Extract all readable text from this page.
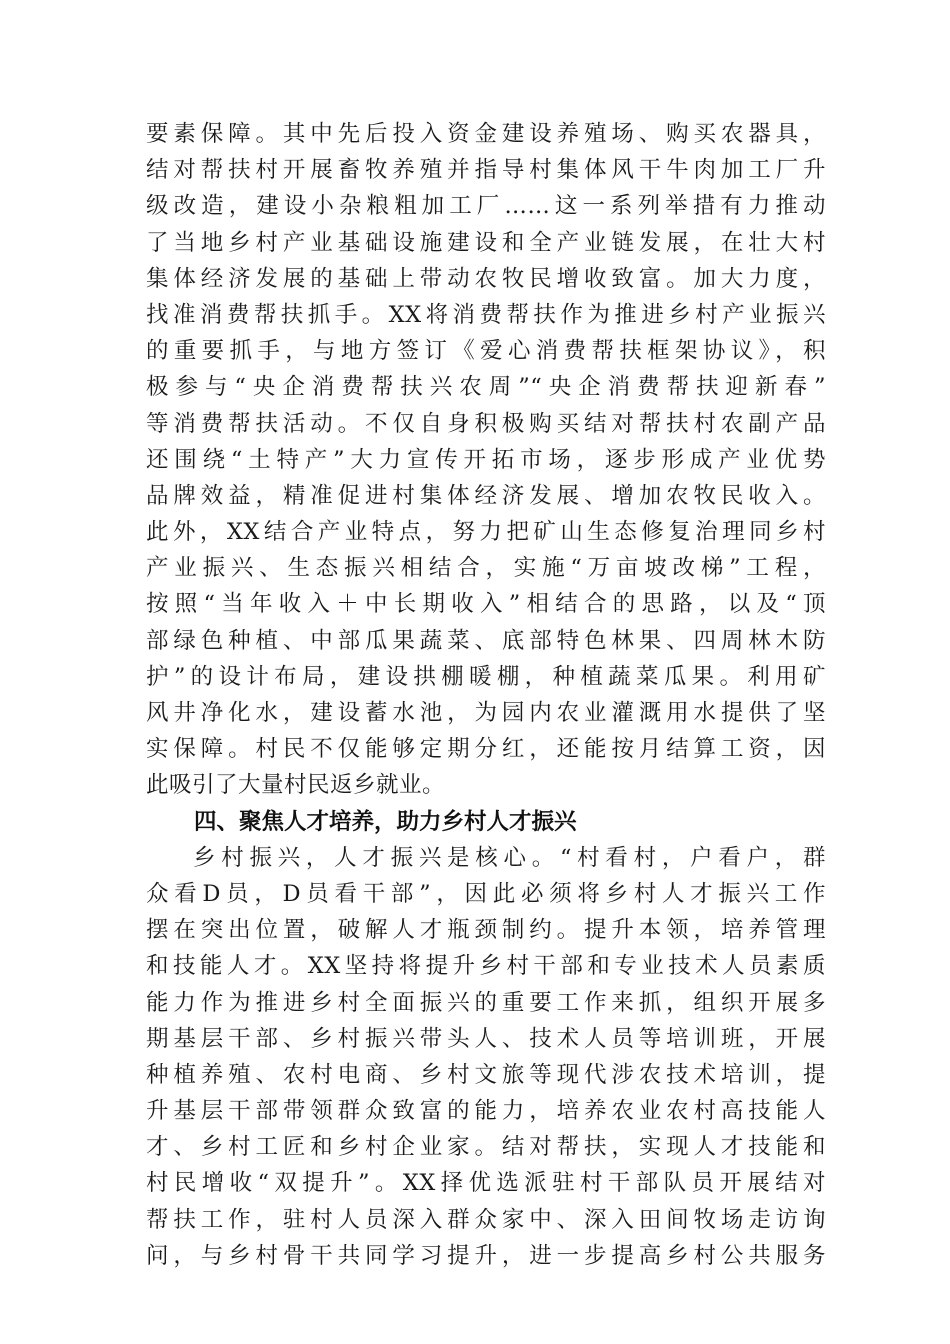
要素保障。其中先后投入资金建设养殖场、购买农器具，
结对帮扶村开展畜牧养殖并指导村集体风干牛肉加工厂升
级改造，建设小杂粮粗加工厂……这一系列举措有力推动
了当地乡村产业基础设施建设和全产业链发展，在壮大村
集体经济发展的基础上带动农牧民增收致富。加大力度，
找准消费帮扶抓手。XX将消费帮扶作为推进乡村产业振兴
的重要抓手，与地方签订《爱心消费帮扶框架协议》，积
极参与“央企消费帮扶兴农周”“央企消费帮扶迎新春”
等消费帮扶活动。不仅自身积极购买结对帮扶村农副产品
还围绕“土特产”大力宣传开拓市场，逐步形成产业优势
品牌效益，精准促进村集体经济发展、增加农牧民收入。
此外，XX结合产业特点，努力把矿山生态修复治理同乡村
产业振兴、生态振兴相结合，实施“万亩坡改梯”工程，
按照“当年收入＋中长期收入”相结合的思路，以及“顶
部绿色种植、中部瓜果蔬菜、底部特色林果、四周林木防
护”的设计布局，建设拱棚暖棚，种植蔬菜瓜果。利用矿
风井净化水，建设蓄水池，为园内农业灌溉用水提供了坚
实保障。村民不仅能够定期分红，还能按月结算工资，因
此吸引了大量村民返乡就业。
四、聚焦人才培养，助力乡村人才振兴
乡村振兴，人才振兴是核心。“村看村，户看户，群
众看D员，D员看干部”，因此必须将乡村人才振兴工作
摆在突出位置，破解人才瓶颈制约。提升本领，培养管理
和技能人才。XX坚持将提升乡村干部和专业技术人员素质
能力作为推进乡村全面振兴的重要工作来抓，组织开展多
期基层干部、乡村振兴带头人、技术人员等培训班，开展
种植养殖、农村电商、乡村文旅等现代涉农技术培训，提
升基层干部带领群众致富的能力，培养农业农村高技能人
才、乡村工匠和乡村企业家。结对帮扶，实现人才技能和
村民增收“双提升”。XX择优选派驻村干部队员开展结对
帮扶工作，驻村人员深入群众家中、深入田间牧场走访询
问，与乡村骨干共同学习提升，进一步提高乡村公共服务
